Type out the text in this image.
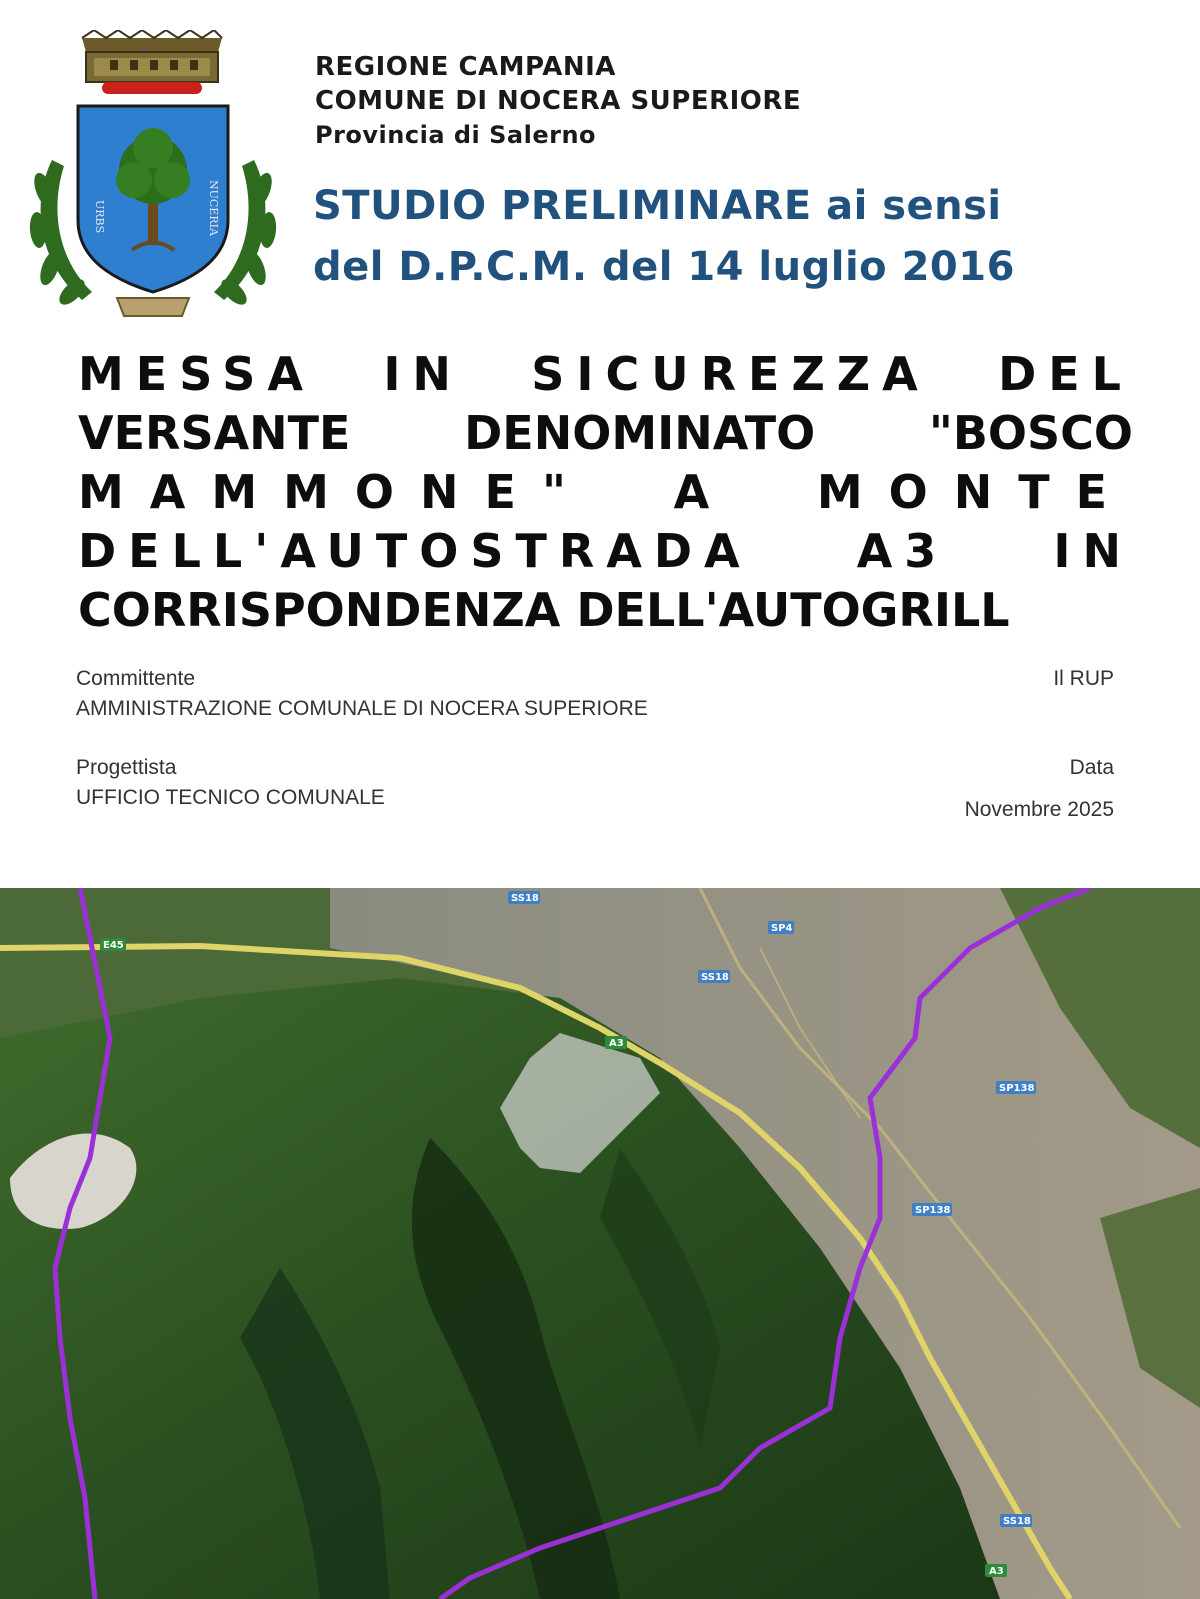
URBS	NUCERIA
REGIONE CAMPANIA
COMUNE DI NOCERA SUPERIORE
Provincia di Salerno
STUDIO PRELIMINARE ai sensi
del D.P.C.M. del 14 luglio 2016
MESSA IN SICUREZZA DEL
VERSANTE DENOMINATO "BOSCO
MAMMONE" A MONTE
DELL'AUTOSTRADA A3 IN
CORRISPONDENZA DELL'AUTOGRILL
Committente
AMMINISTRAZIONE COMUNALE DI NOCERA SUPERIORE
Il RUP
Progettista
UFFICIO TECNICO COMUNALE
Data
Novembre 2025
E45
A3
A3
SS18
SS18
SS18
SP4
SP138
SP138
